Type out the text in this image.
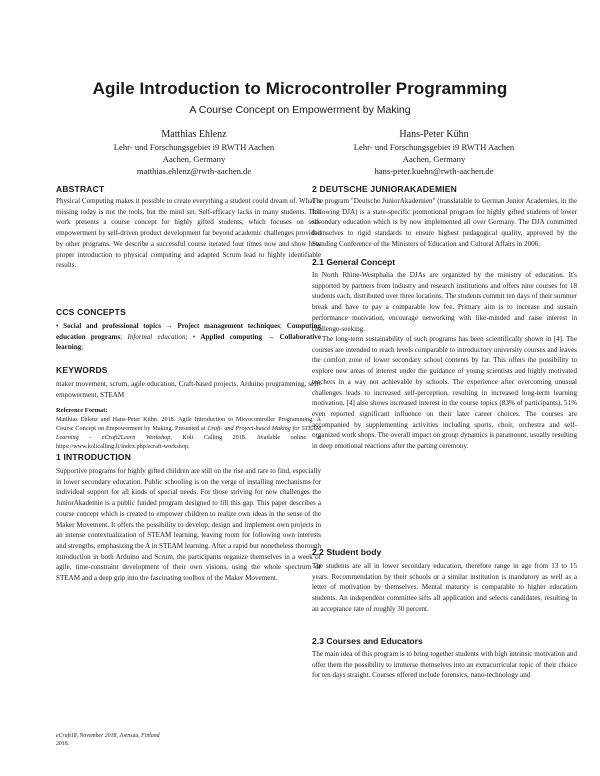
Agile Introduction to Microcontroller Programming
A Course Concept on Empowerment by Making
Matthias Ehlenz
Lehr- und Forschungsgebiet i9 RWTH Aachen
Aachen, Germany
matthias.ehlenz@rwth-aachen.de
Hans-Peter Kühn
Lehr- und Forschungsgebiet i9 RWTH Aachen
Aachen, Germany
hans-peter.kuehn@rwth-aachen.de
ABSTRACT

Physical Computing makes it possible to create everything a student could dream of. What is missing today is not the tools, but the mind set. Self-efficacy lacks in many students. This work presents a course concept for highly gifted students, which focuses on self-empowerment by self-driven product development far beyond academic challenges provided by other programs. We describe a successful course iterated four times now and show how proper introduction to physical computing and adapted Scrum lead to highly identifiable results.

CCS CONCEPTS

• Social and professional topics → Project management techniques; Computing education programs; Informal education; • Applied computing → Collaborative learning;

KEYWORDS

maker movement, scrum, agile education, Craft-based projects, Arduino programming, self-empowerment, STEAM

Reference Format:
Matthias Ehlenz and Hans-Peter Kühn. 2018. Agile Introduction to Microcontroller Programming: A Course Concept on Empowerment by Making. Presented at Craft- and Project-based Making for STEAM Learning - eCraft2Learn Workshop, Koli Calling 2018. Available online at https://www.kolicalling.fi/index.php/ecraft-workshop.
1 INTRODUCTION

Supportive programs for highly gifted children are still on the rise and rare to find, especially in lower secondary education. Public schooling is on the verge of installing mechanisms for individual support for all kinds of special needs. For those striving for new challenges the JuniorAkademie is a public funded program designed to fill this gap. This paper describes a course concept which is created to empower children to realize own ideas in the sense of the Maker Movement. It offers the possibility to develop, design and implement own projects in an intense contextualization of STEAM learning, leaving room for following own interests and strengths, emphasizing the A in STEAM learning. After a rapid but nonetheless thorough introduction in both Arduino and Scrum, the participants organize themselves in a week of agile, time-constraint development of their own visions, using the whole spectrum of STEAM and a deep grip into the fascinating toolbox of the Maker Movement.

eCraft18, November 2018, Joensuu, Finland
2018.
2 DEUTSCHE JUNIORAKADEMIEN

The program "Deutsche JuniorAkademien" (translatable to German Junior Academies, in the following DJA) is a state-specific promotional program for highly gifted students of lower secondary education which is by now implemented all over Germany. The DJA committed themselves to rigid standards to ensure highest pedagogical quality, approved by the Standing Conference of the Ministers of Education and Cultural Affairs in 2006.

2.1 General Concept

In North Rhine-Westphalia the DJAs are organized by the ministry of education. It's supported by partners from industry and research institutions and offers nine courses for 18 students each, distributed over three locations. The students commit ten days of their summer break and have to pay a comparable low fee. Primary aim is to increase and sustain performance motivation, encourage networking with like-minded and raise interest in challenge-seeking.

The long-term sustainability of such programs has been scientifically shown in [4]. The courses are intended to reach levels comparable to introductory university courses and leaves the comfort zone of lower secondary school contents by far. This offers the possibility to explore new areas of interest under the guidance of young scientists and highly motivated teachers in a way not achievable by schools. The experience after overcoming unusual challenges leads to increased self-perception, resulting in increased long-term learning motivation. [4] also shows increased interest in the course topics (83% of participants), 51% even reported significant influence on their later career choices. The courses are accompanied by supplementing activities including sports, choir, orchestra and self-organized work shops. The overall impact on group dynamics is paramount, usually resulting in deep emotional reactions after the parting ceremony.

2.2 Student body

The students are all in lower secondary education, therefore range in age from 13 to 15 years. Recommendation by their schools or a similar institution is mandatory as well as a letter of motivation by themselves. Mental maturity is comparable to higher education students. An independent committee sifts all application and selects candidates, resulting in an acceptance rate of roughly 30 percent.

2.3 Courses and Educators

The main idea of this program is to bring together students with high intrinsic motivation and offer them the possibility to immerse themselves into an extracurricular topic of their choice for ten days straight. Courses offered include forensics, nano-technology and
